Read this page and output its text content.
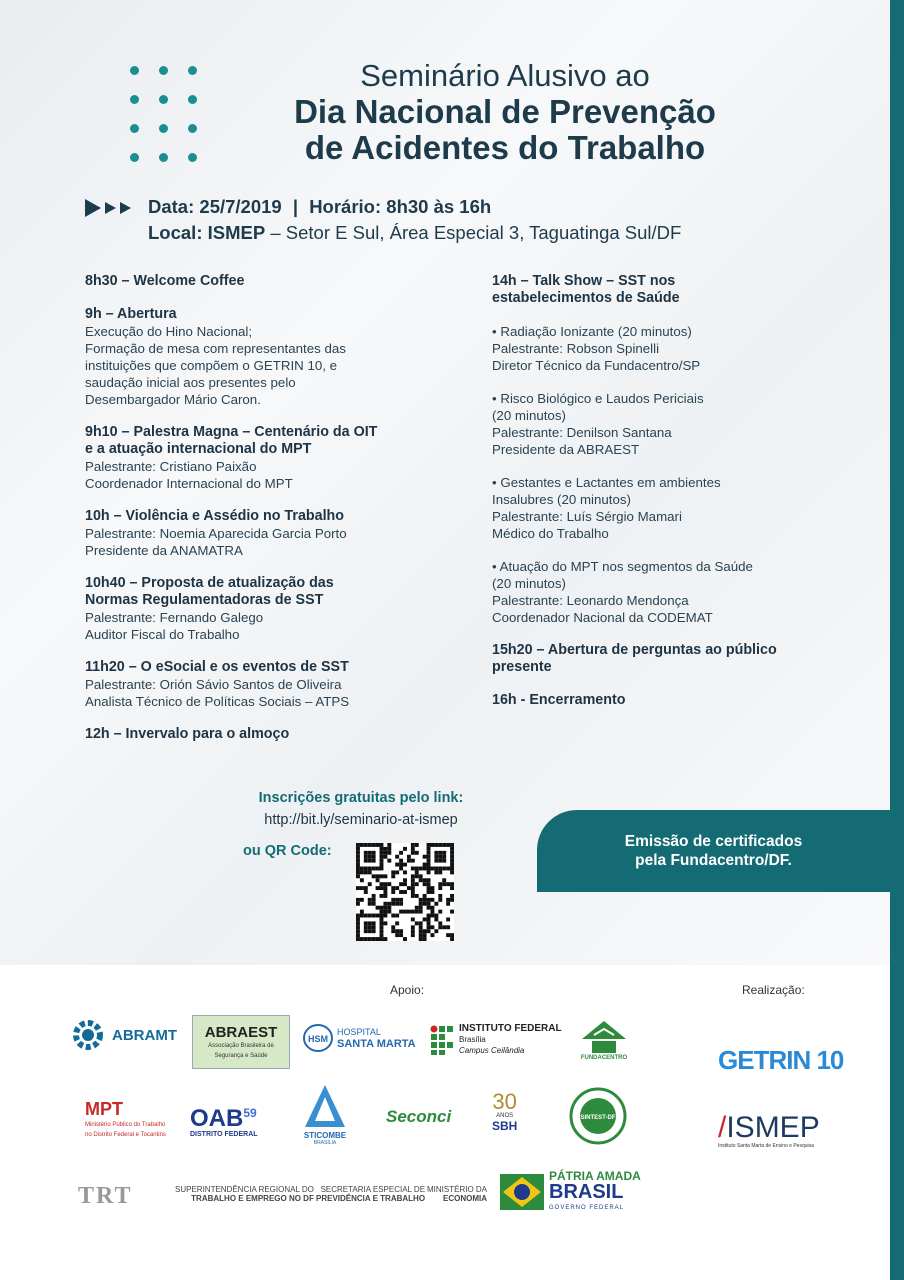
Seminário Alusivo ao
Dia Nacional de Prevenção
de Acidentes do Trabalho
Data: 25/7/2019 | Horário: 8h30 às 16h
Local: ISMEP – Setor E Sul, Área Especial 3, Taguatinga Sul/DF
8h30 – Welcome Coffee
9h – Abertura
Execução do Hino Nacional;
Formação de mesa com representantes das
instituições que compõem o GETRIN 10, e
saudação inicial aos presentes pelo
Desembargador Mário Caron.
9h10 – Palestra Magna – Centenário da OIT
e a atuação internacional do MPT
Palestrante: Cristiano Paixão
Coordenador Internacional do MPT
10h – Violência e Assédio no Trabalho
Palestrante: Noemia Aparecida Garcia Porto
Presidente da ANAMATRA
10h40 – Proposta de atualização das
Normas Regulamentadoras de SST
Palestrante: Fernando Galego
Auditor Fiscal do Trabalho
11h20 – O eSocial e os eventos de SST
Palestrante: Orión Sávio Santos de Oliveira
Analista Técnico de Políticas Sociais – ATPS
12h – Invervalo para o almoço
14h – Talk Show – SST nos
estabelecimentos de Saúde
• Radiação Ionizante (20 minutos)
Palestrante: Robson Spinelli
Diretor Técnico da Fundacentro/SP
• Risco Biológico e Laudos Periciais
(20 minutos)
Palestrante: Denilson Santana
Presidente da ABRAEST
• Gestantes e Lactantes em ambientes
Insalubres (20 minutos)
Palestrante: Luís Sérgio Mamari
Médico do Trabalho
• Atuação do MPT nos segmentos da Saúde
(20 minutos)
Palestrante: Leonardo Mendonça
Coordenador Nacional da CODEMAT
15h20 – Abertura de perguntas ao público
presente
16h - Encerramento
Inscrições gratuitas pelo link:
http://bit.ly/seminario-at-ismep
ou QR Code:
Emissão de certificados
pela Fundacentro/DF.
Apoio:	Realização:
ABRAMT ABRAEST
Associação Brasileira de Segurança e Saúde
HSM
HOSPITAL
SANTA MARTA
INSTITUTO FEDERAL
Brasília
Campus Ceilândia
FUNDACENTRO	GETRIN 10
MPT
Ministério Público do Trabalho
no Distrito Federal e Tocantins
OAB$^{59}$
DISTRITO FEDERAL	STICOMBE
BRASÍLIA
Seconci
30
ANOS
SBH
SINTEST-DF	/ISMEP
Instituto Santa Marta de Ensino e Pesquisa
TRT	SUPERINTENDÊNCIA REGIONAL DO
TRABALHO E EMPREGO NO DF
SECRETARIA ESPECIAL DE
PREVIDÊNCIA E TRABALHO
MINISTÉRIO DA
ECONOMIA
PÁTRIA AMADA
BRASIL
GOVERNO FEDERAL
